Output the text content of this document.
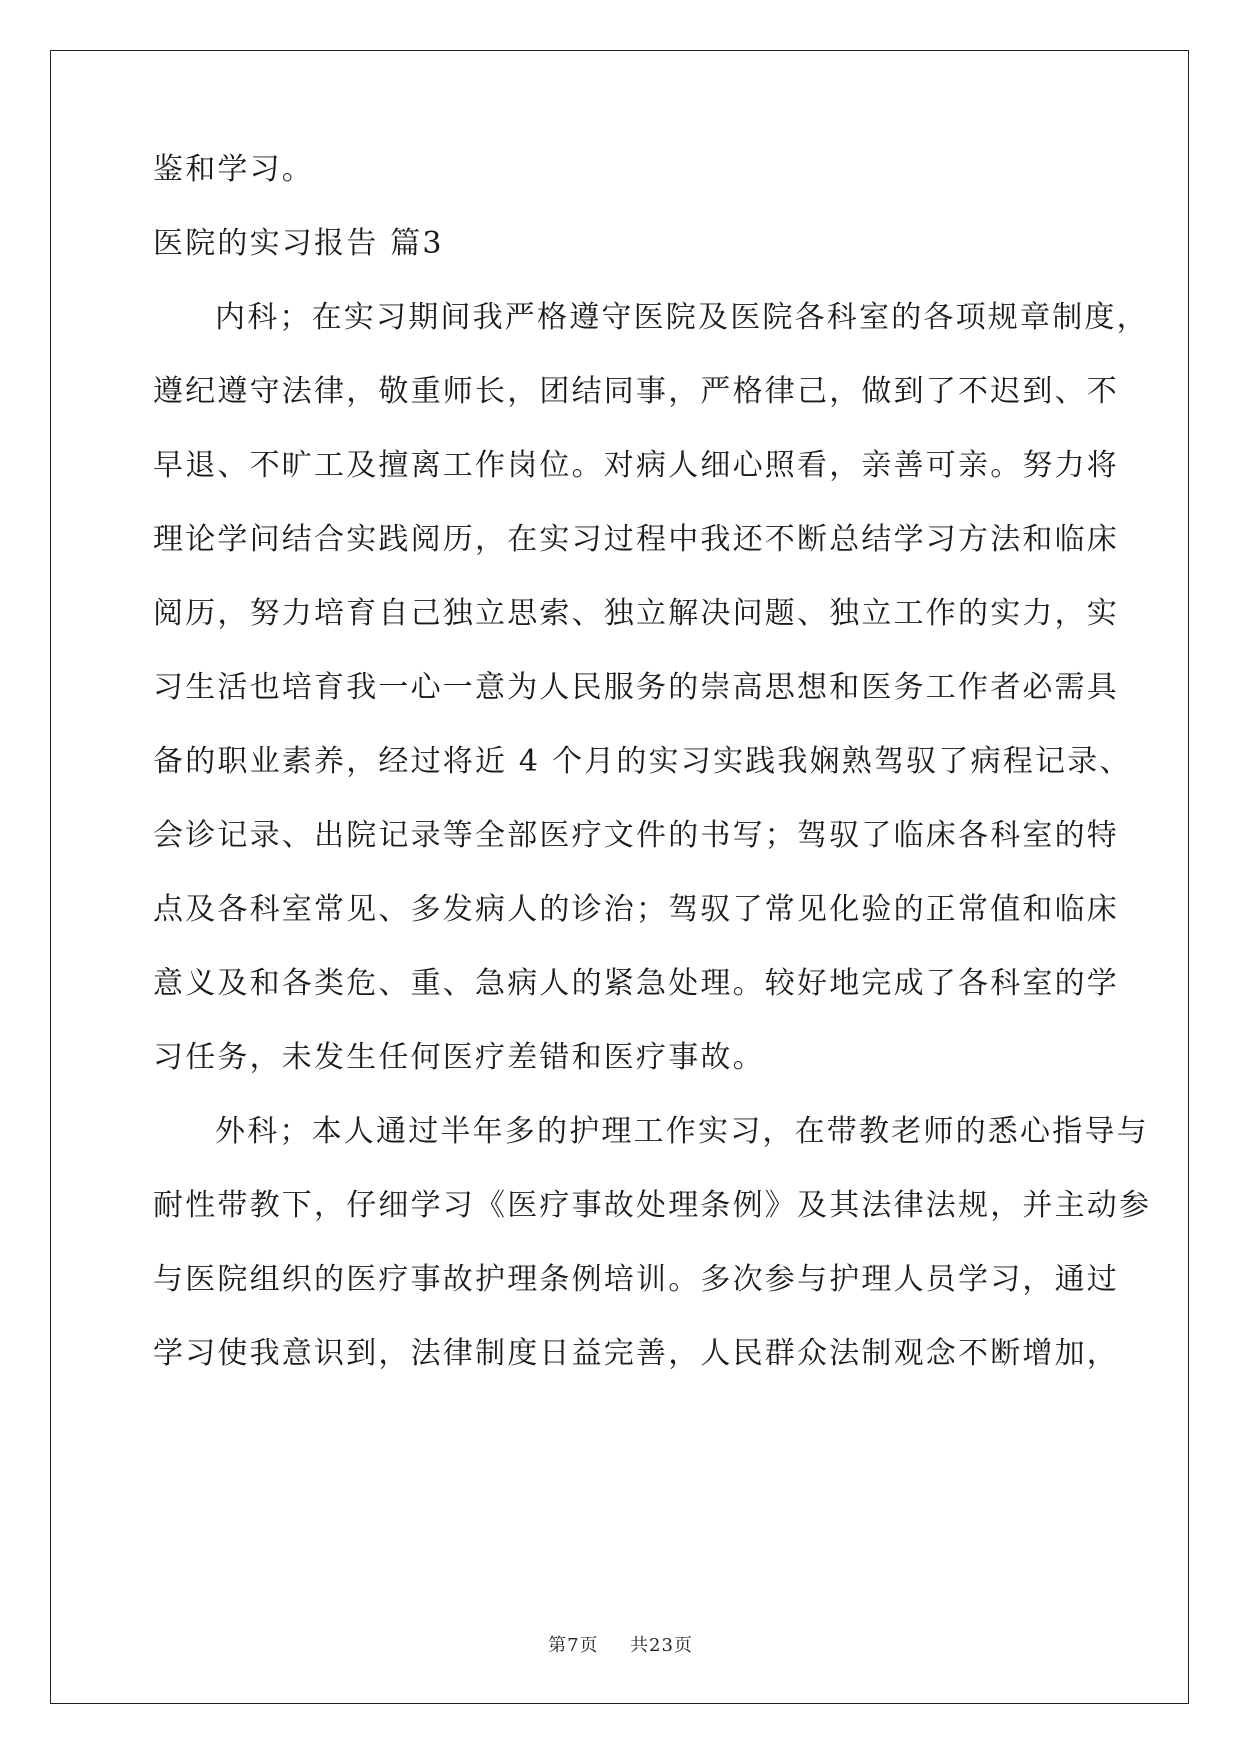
鉴和学习。
医院的实习报告 篇3
内科；在实习期间我严格遵守医院及医院各科室的各项规章制度，
遵纪遵守法律，敬重师长，团结同事，严格律己，做到了不迟到、不
早退、不旷工及擅离工作岗位。对病人细心照看，亲善可亲。努力将
理论学问结合实践阅历，在实习过程中我还不断总结学习方法和临床
阅历，努力培育自己独立思索、独立解决问题、独立工作的实力，实
习生活也培育我一心一意为人民服务的崇高思想和医务工作者必需具
备的职业素养，经过将近 4 个月的实习实践我娴熟驾驭了病程记录、
会诊记录、出院记录等全部医疗文件的书写；驾驭了临床各科室的特
点及各科室常见、多发病人的诊治；驾驭了常见化验的正常值和临床
意义及和各类危、重、急病人的紧急处理。较好地完成了各科室的学
习任务，未发生任何医疗差错和医疗事故。
外科；本人通过半年多的护理工作实习，在带教老师的悉心指导与
耐性带教下，仔细学习《医疗事故处理条例》及其法律法规，并主动参
与医院组织的医疗事故护理条例培训。多次参与护理人员学习，通过
学习使我意识到，法律制度日益完善，人民群众法制观念不断增加，
第7页 共23页
